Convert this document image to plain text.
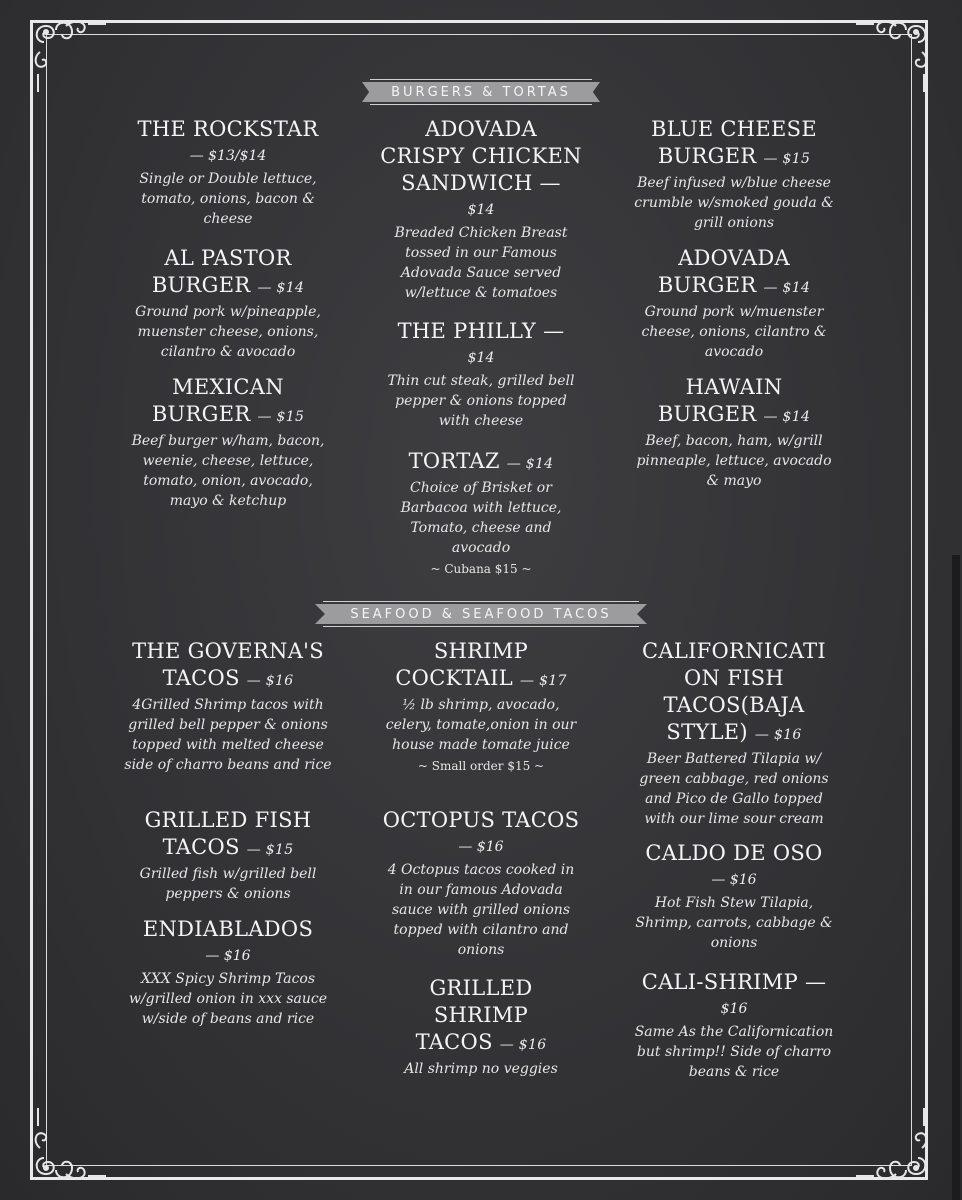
BURGERS & TORTAS
THE ROCKSTAR
— $13/$14
Single or Double lettuce, tomato, onions, bacon & cheese
AL PASTOR
BURGER — $14
Ground pork w/pineapple, muenster cheese, onions, cilantro & avocado
MEXICAN
BURGER — $15
Beef burger w/ham, bacon, weenie, cheese, lettuce, tomato, onion, avocado, mayo & ketchup
ADOVADA
CRISPY CHICKEN
SANDWICH —
$14
Breaded Chicken Breast tossed in our Famous Adovada Sauce served w/lettuce & tomatoes
THE PHILLY —
$14
Thin cut steak, grilled bell pepper & onions topped with cheese
TORTAZ — $14
Choice of Brisket or Barbacoa with lettuce, Tomato, cheese and avocado
~ Cubana $15 ~
BLUE CHEESE
BURGER — $15
Beef infused w/blue cheese crumble w/smoked gouda & grill onions
ADOVADA
BURGER — $14
Ground pork w/muenster cheese, onions, cilantro & avocado
HAWAIN
BURGER — $14
Beef, bacon, ham, w/grill pinneaple, lettuce, avocado & mayo
SEAFOOD & SEAFOOD TACOS
THE GOVERNA'S
TACOS — $16
4Grilled Shrimp tacos with grilled bell pepper & onions topped with melted cheese side of charro beans and rice
GRILLED FISH
TACOS — $15
Grilled fish w/grilled bell peppers & onions
ENDIABLADOS
— $16
XXX Spicy Shrimp Tacos w/grilled onion in xxx sauce w/side of beans and rice
SHRIMP
COCKTAIL — $17
½ lb shrimp, avocado, celery, tomate,onion in our house made tomate juice
~ Small order $15 ~
OCTOPUS TACOS
— $16
4 Octopus tacos cooked in in our famous Adovada sauce with grilled onions topped with cilantro and onions
GRILLED SHRIMP
TACOS — $16
All shrimp no veggies
CALIFORNICATI
ON FISH
TACOS(BAJA
STYLE) — $16
Beer Battered Tilapia w/ green cabbage, red onions and Pico de Gallo topped with our lime sour cream
CALDO DE OSO
— $16
Hot Fish Stew Tilapia, Shrimp, carrots, cabbage & onions
CALI-SHRIMP —
$16
Same As the Californication but shrimp!! Side of charro beans & rice
